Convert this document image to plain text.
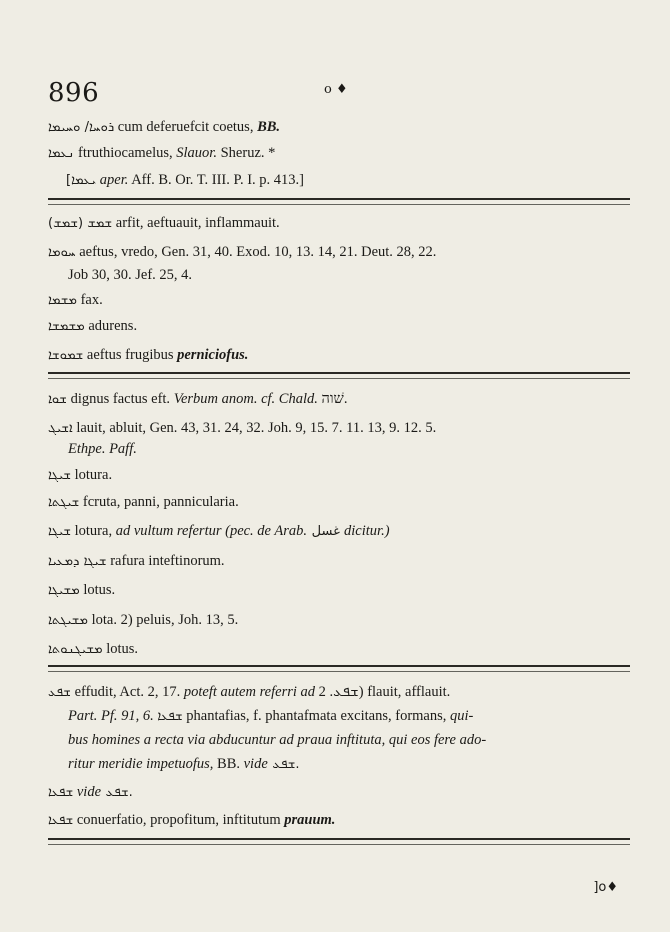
896	o ♦
ܪܘܚܐ/ ܘܚܝܡܐ cum deferuefcit coetus, BB.
ܢܥܡܐ ftruthiocamelus, Slauor. Sheruz. *
[ܝܥܡܐ aper. Aff. B. Or. T. III. P. I. p. 413.]
(ܫܡܫ) ܫܡܫ arfit, aeftuauit, inflammauit.
ܚܘܡܐ aeftus, vredo, Gen. 31, 40. Exod. 10, 13. 14, 21. Deut. 28, 22.
Job 30, 30. Jef. 25, 4.
ܡܫܡܐ fax.
ܡܫܡܫܐ adurens.
ܫܡܘܫܐ aeftus frugibus perniciofus.
ܫܘܐ dignus factus eft. Verbum anom. cf. Chald. שׁוה.
ܐܫܝܓ lauit, abluit, Gen. 43, 31. 24, 32. Joh. 9, 15. 7. 11. 13, 9. 12. 5.
Ethpe. Paff.
ܫܝܓܐ lotura.
ܫܝܓܬܐ fcruta, panni, pannicularia.
ܫܝܓܐ lotura, ad vultum refertur (pec. de Arab. غسل dicitur.)
ܫܝܓܐ ܕܡܥܝܐ rafura inteftinorum.
ܡܫܝܓܐ lotus.
ܡܫܝܓܬܐ lota. 2) peluis, Joh. 13, 5.
ܡܫܝܓܢܘܬܐ lotus.
ܫܦܥ effudit, Act. 2, 17. poteft autem referri ad ܫܦܥ. 2) flauit, afflauit.
Part. Pf. 91, 6. ܫܦܥܐ phantafias, f. phantafmata excitans, formans, qui-
bus homines a recta via abducuntur ad praua inftituta, qui eos fere ado-
ritur meridie impetuofus, BB. vide ܫܦܥ.
ܫܦܥܐ vide ܫܦܥ.
ܫܦܥܐ conuerfatio, propofitum, inftitutum prauum.
]ο♦
